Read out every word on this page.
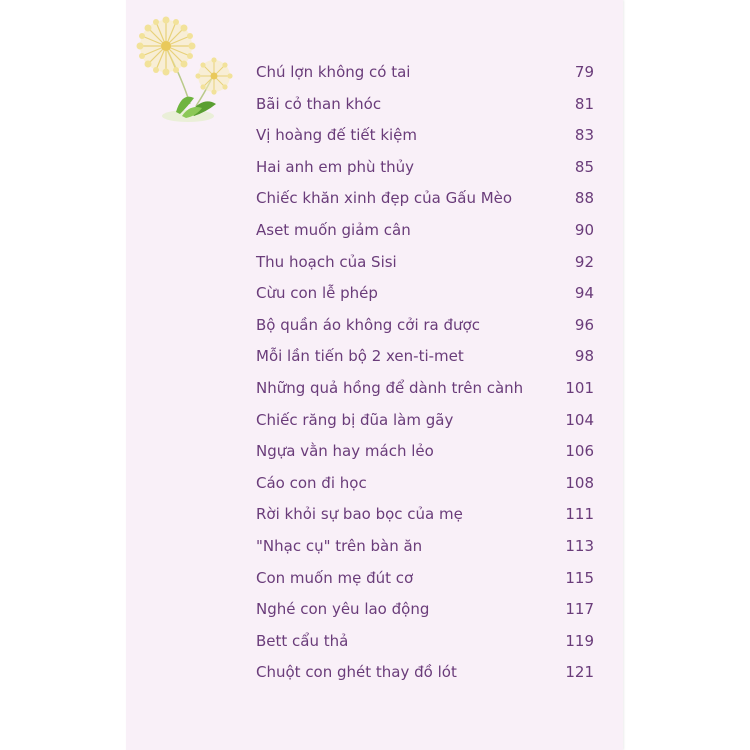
Chú lợn không có tai	79
Bãi cỏ than khóc	81
Vị hoàng đế tiết kiệm	83
Hai anh em phù thủy	85
Chiếc khăn xinh đẹp của Gấu Mèo	88
Aset muốn giảm cân	90
Thu hoạch của Sisi	92
Cừu con lễ phép	94
Bộ quần áo không cởi ra được	96
Mỗi lần tiến bộ 2 xen-ti-met	98
Những quả hồng để dành trên cành	101
Chiếc răng bị đũa làm gãy	104
Ngựa vằn hay mách lẻo	106
Cáo con đi học	108
Rời khỏi sự bao bọc của mẹ	111
"Nhạc cụ" trên bàn ăn	113
Con muốn mẹ đút cơ	115
Nghé con yêu lao động	117
Bett cẩu thả	119
Chuột con ghét thay đồ lót	121
